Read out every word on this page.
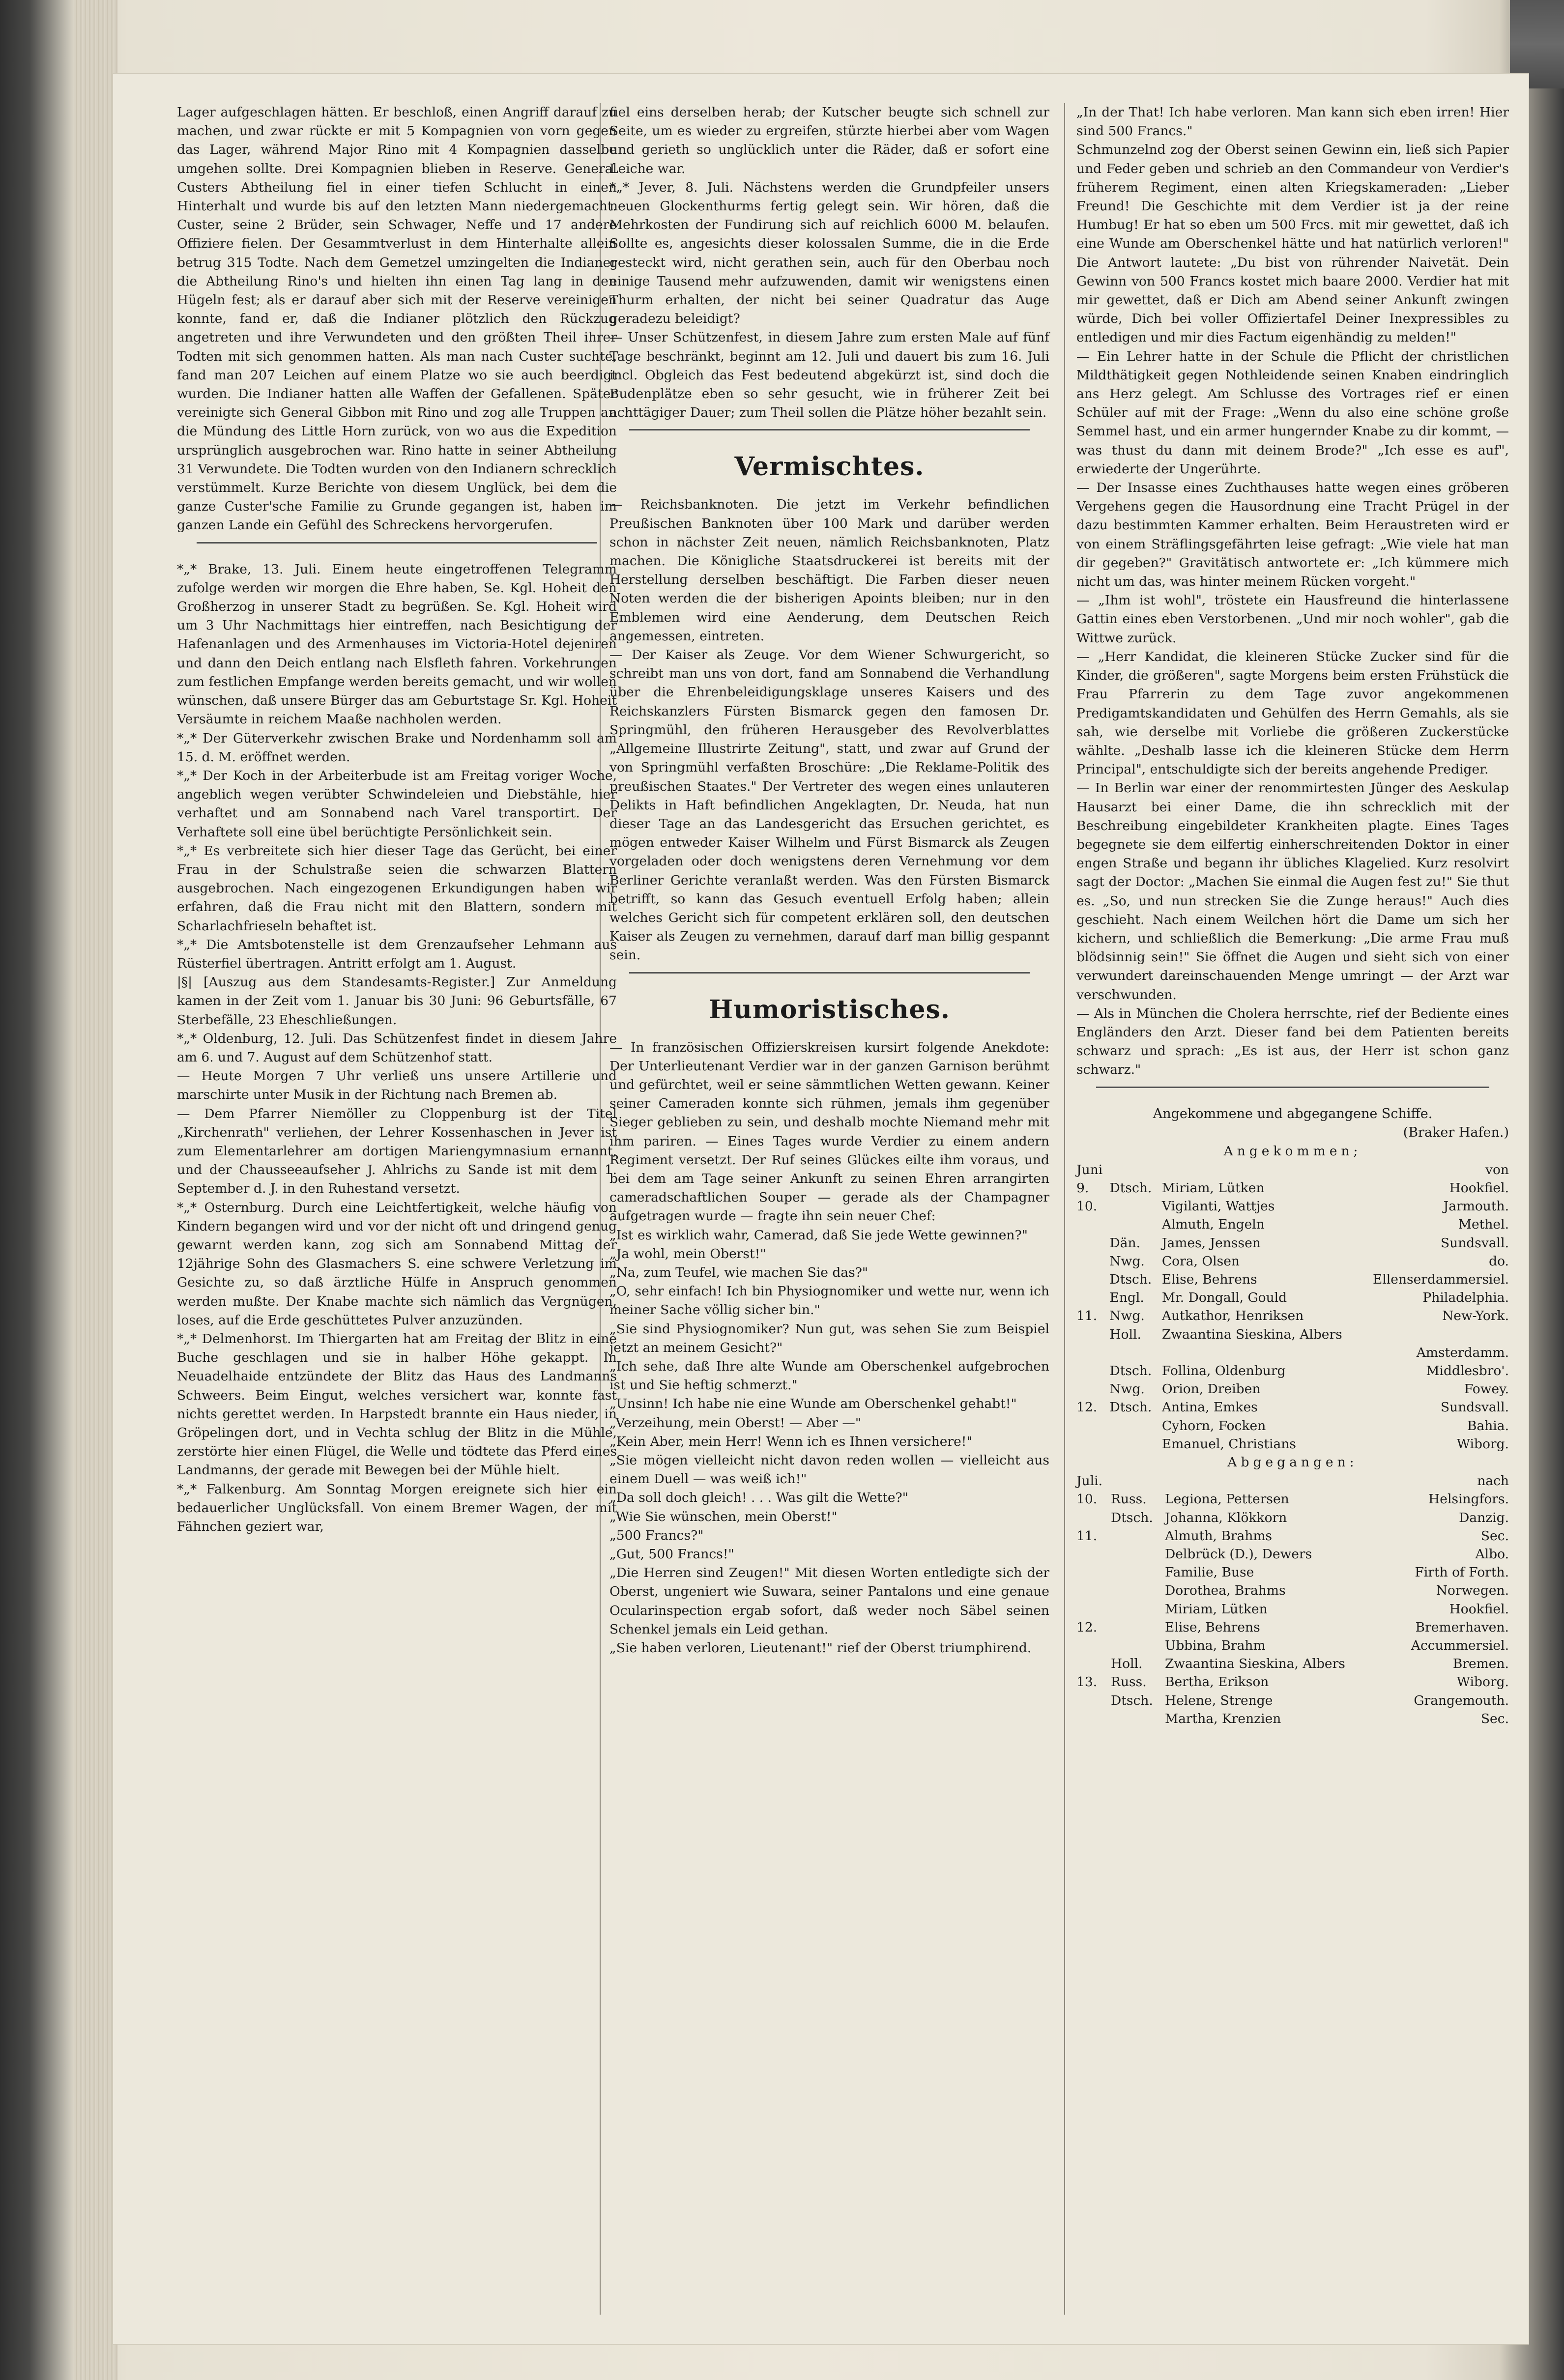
Lager aufgeschlagen hätten. Er beschloß, einen Angriff darauf zu machen, und zwar rückte er mit 5 Kompagnien von vorn gegen das Lager, während Major Rino mit 4 Kompagnien dasselbe umgehen sollte. Drei Kompagnien blieben in Reserve. General Custers Abtheilung fiel in einer tiefen Schlucht in einen Hinterhalt und wurde bis auf den letzten Mann niedergemacht. Custer, seine 2 Brüder, sein Schwager, Neffe und 17 andere Offiziere fielen. Der Gesammtverlust in dem Hinterhalte allein betrug 315 Todte. Nach dem Gemetzel umzingelten die Indianer die Abtheilung Rino's und hielten ihn einen Tag lang in den Hügeln fest; als er darauf aber sich mit der Reserve vereinigen konnte, fand er, daß die Indianer plötzlich den Rückzug angetreten und ihre Verwundeten und den größten Theil ihrer Todten mit sich genommen hatten. Als man nach Custer suchte, fand man 207 Leichen auf einem Platze wo sie auch beerdigt wurden. Die Indianer hatten alle Waffen der Gefallenen. Später vereinigte sich General Gibbon mit Rino und zog alle Truppen an die Mündung des Little Horn zurück, von wo aus die Expedition ursprünglich ausgebrochen war. Rino hatte in seiner Abtheilung 31 Verwundete. Die Todten wurden von den Indianern schrecklich verstümmelt. Kurze Berichte von diesem Unglück, bei dem die ganze Custer'sche Familie zu Grunde gegangen ist, haben im ganzen Lande ein Gefühl des Schreckens hervorgerufen.

*„* Brake, 13. Juli. Einem heute eingetroffenen Telegramm zufolge werden wir morgen die Ehre haben, Se. Kgl. Hoheit den Großherzog in unserer Stadt zu begrüßen. Se. Kgl. Hoheit wird um 3 Uhr Nachmittags hier eintreffen, nach Besichtigung der Hafenanlagen und des Armenhauses im Victoria-Hotel dejeniren und dann den Deich entlang nach Elsfleth fahren. Vorkehrungen zum festlichen Empfange werden bereits gemacht, und wir wollen wünschen, daß unsere Bürger das am Geburtstage Sr. Kgl. Hoheit Versäumte in reichem Maaße nachholen werden.

*„* Der Güterverkehr zwischen Brake und Nordenhamm soll am 15. d. M. eröffnet werden.

*„* Der Koch in der Arbeiterbude ist am Freitag voriger Woche, angeblich wegen verübter Schwindeleien und Diebstähle, hier verhaftet und am Sonnabend nach Varel transportirt. Der Verhaftete soll eine übel berüchtigte Persönlichkeit sein.

*„* Es verbreitete sich hier dieser Tage das Gerücht, bei einer Frau in der Schulstraße seien die schwarzen Blattern ausgebrochen. Nach eingezogenen Erkundigungen haben wir erfahren, daß die Frau nicht mit den Blattern, sondern mit Scharlachfrieseln behaftet ist.

*„* Die Amtsbotenstelle ist dem Grenzaufseher Lehmann aus Rüsterfiel übertragen. Antritt erfolgt am 1. August.

|§| [Auszug aus dem Standesamts-Register.] Zur Anmeldung kamen in der Zeit vom 1. Januar bis 30 Juni: 96 Geburtsfälle, 67 Sterbefälle, 23 Eheschließungen.

*„* Oldenburg, 12. Juli. Das Schützenfest findet in diesem Jahre am 6. und 7. August auf dem Schützenhof statt.

— Heute Morgen 7 Uhr verließ uns unsere Artillerie und marschirte unter Musik in der Richtung nach Bremen ab.

— Dem Pfarrer Niemöller zu Cloppenburg ist der Titel „Kirchenrath" verliehen, der Lehrer Kossenhaschen in Jever ist zum Elementarlehrer am dortigen Mariengymnasium ernannt, und der Chausseeaufseher J. Ahlrichs zu Sande ist mit dem 1. September d. J. in den Ruhestand versetzt.

*„* Osternburg. Durch eine Leichtfertigkeit, welche häufig von Kindern begangen wird und vor der nicht oft und dringend genug gewarnt werden kann, zog sich am Sonnabend Mittag der 12jährige Sohn des Glasmachers S. eine schwere Verletzung im Gesichte zu, so daß ärztliche Hülfe in Anspruch genommen werden mußte. Der Knabe machte sich nämlich das Vergnügen, loses, auf die Erde geschüttetes Pulver anzuzünden.

*„* Delmenhorst. Im Thiergarten hat am Freitag der Blitz in eine Buche geschlagen und sie in halber Höhe gekappt. In Neuadelhaide entzündete der Blitz das Haus des Landmanns Schweers. Beim Eingut, welches versichert war, konnte fast nichts gerettet werden. In Harpstedt brannte ein Haus nieder, in Gröpelingen dort, und in Vechta schlug der Blitz in die Mühle, zerstörte hier einen Flügel, die Welle und tödtete das Pferd eines Landmanns, der gerade mit Bewegen bei der Mühle hielt.

*„* Falkenburg. Am Sonntag Morgen ereignete sich hier ein bedauerlicher Unglücksfall. Von einem Bremer Wagen, der mit Fähnchen geziert war,

fiel eins derselben herab; der Kutscher beugte sich schnell zur Seite, um es wieder zu ergreifen, stürzte hierbei aber vom Wagen und gerieth so unglücklich unter die Räder, daß er sofort eine Leiche war.

*„* Jever, 8. Juli. Nächstens werden die Grundpfeiler unsers neuen Glockenthurms fertig gelegt sein. Wir hören, daß die Mehrkosten der Fundirung sich auf reichlich 6000 M. belaufen. Sollte es, angesichts dieser kolossalen Summe, die in die Erde gesteckt wird, nicht gerathen sein, auch für den Oberbau noch einige Tausend mehr aufzuwenden, damit wir wenigstens einen Thurm erhalten, der nicht bei seiner Quadratur das Auge geradezu beleidigt?

— Unser Schützenfest, in diesem Jahre zum ersten Male auf fünf Tage beschränkt, beginnt am 12. Juli und dauert bis zum 16. Juli incl. Obgleich das Fest bedeutend abgekürzt ist, sind doch die Budenplätze eben so sehr gesucht, wie in früherer Zeit bei achttägiger Dauer; zum Theil sollen die Plätze höher bezahlt sein.

Vermischtes.

— Reichsbanknoten. Die jetzt im Verkehr befindlichen Preußischen Banknoten über 100 Mark und darüber werden schon in nächster Zeit neuen, nämlich Reichsbanknoten, Platz machen. Die Königliche Staatsdruckerei ist bereits mit der Herstellung derselben beschäftigt. Die Farben dieser neuen Noten werden die der bisherigen Apoints bleiben; nur in den Emblemen wird eine Aenderung, dem Deutschen Reich angemessen, eintreten.

— Der Kaiser als Zeuge. Vor dem Wiener Schwurgericht, so schreibt man uns von dort, fand am Sonnabend die Verhandlung über die Ehrenbeleidigungsklage unseres Kaisers und des Reichskanzlers Fürsten Bismarck gegen den famosen Dr. Springmühl, den früheren Herausgeber des Revolverblattes „Allgemeine Illustrirte Zeitung", statt, und zwar auf Grund der von Springmühl verfaßten Broschüre: „Die Reklame-Politik des preußischen Staates." Der Vertreter des wegen eines unlauteren Delikts in Haft befindlichen Angeklagten, Dr. Neuda, hat nun dieser Tage an das Landesgericht das Ersuchen gerichtet, es mögen entweder Kaiser Wilhelm und Fürst Bismarck als Zeugen vorgeladen oder doch wenigstens deren Vernehmung vor dem Berliner Gerichte veranlaßt werden. Was den Fürsten Bismarck betrifft, so kann das Gesuch eventuell Erfolg haben; allein welches Gericht sich für competent erklären soll, den deutschen Kaiser als Zeugen zu vernehmen, darauf darf man billig gespannt sein.

Humoristisches.

— In französischen Offizierskreisen kursirt folgende Anekdote: Der Unterlieutenant Verdier war in der ganzen Garnison berühmt und gefürchtet, weil er seine sämmtlichen Wetten gewann. Keiner seiner Cameraden konnte sich rühmen, jemals ihm gegenüber Sieger geblieben zu sein, und deshalb mochte Niemand mehr mit ihm pariren. — Eines Tages wurde Verdier zu einem andern Regiment versetzt. Der Ruf seines Glückes eilte ihm voraus, und bei dem am Tage seiner Ankunft zu seinen Ehren arrangirten cameradschaftlichen Souper — gerade als der Champagner aufgetragen wurde — fragte ihn sein neuer Chef:

„Ist es wirklich wahr, Camerad, daß Sie jede Wette gewinnen?"

„Ja wohl, mein Oberst!"

„Na, zum Teufel, wie machen Sie das?"

„O, sehr einfach! Ich bin Physiognomiker und wette nur, wenn ich meiner Sache völlig sicher bin."

„Sie sind Physiognomiker? Nun gut, was sehen Sie zum Beispiel jetzt an meinem Gesicht?"

„Ich sehe, daß Ihre alte Wunde am Oberschenkel aufgebrochen ist und Sie heftig schmerzt."

„Unsinn! Ich habe nie eine Wunde am Oberschenkel gehabt!"

„Verzeihung, mein Oberst! — Aber —"

„Kein Aber, mein Herr! Wenn ich es Ihnen versichere!"

„Sie mögen vielleicht nicht davon reden wollen — vielleicht aus einem Duell — was weiß ich!"

„Da soll doch gleich! . . . Was gilt die Wette?"

„Wie Sie wünschen, mein Oberst!"

„500 Francs?"

„Gut, 500 Francs!"

„Die Herren sind Zeugen!" Mit diesen Worten entledigte sich der Oberst, ungeniert wie Suwara, seiner Pantalons und eine genaue Ocularinspection ergab sofort, daß weder noch Säbel seinen Schenkel jemals ein Leid gethan.

„Sie haben verloren, Lieutenant!" rief der Oberst triumphirend.

„In der That! Ich habe verloren. Man kann sich eben irren! Hier sind 500 Francs."

Schmunzelnd zog der Oberst seinen Gewinn ein, ließ sich Papier und Feder geben und schrieb an den Commandeur von Verdier's früherem Regiment, einen alten Kriegskameraden: „Lieber Freund! Die Geschichte mit dem Verdier ist ja der reine Humbug! Er hat so eben um 500 Frcs. mit mir gewettet, daß ich eine Wunde am Oberschenkel hätte und hat natürlich verloren!" Die Antwort lautete: „Du bist von rührender Naivetät. Dein Gewinn von 500 Francs kostet mich baare 2000. Verdier hat mit mir gewettet, daß er Dich am Abend seiner Ankunft zwingen würde, Dich bei voller Offiziertafel Deiner Inexpressibles zu entledigen und mir dies Factum eigenhändig zu melden!"

— Ein Lehrer hatte in der Schule die Pflicht der christlichen Mildthätigkeit gegen Nothleidende seinen Knaben eindringlich ans Herz gelegt. Am Schlusse des Vortrages rief er einen Schüler auf mit der Frage: „Wenn du also eine schöne große Semmel hast, und ein armer hungernder Knabe zu dir kommt, — was thust du dann mit deinem Brode?" „Ich esse es auf", erwiederte der Ungerührte.

— Der Insasse eines Zuchthauses hatte wegen eines gröberen Vergehens gegen die Hausordnung eine Tracht Prügel in der dazu bestimmten Kammer erhalten. Beim Heraustreten wird er von einem Sträflingsgefährten leise gefragt: „Wie viele hat man dir gegeben?" Gravitätisch antwortete er: „Ich kümmere mich nicht um das, was hinter meinem Rücken vorgeht."

— „Ihm ist wohl", tröstete ein Hausfreund die hinterlassene Gattin eines eben Verstorbenen. „Und mir noch wohler", gab die Wittwe zurück.

— „Herr Kandidat, die kleineren Stücke Zucker sind für die Kinder, die größeren", sagte Morgens beim ersten Frühstück die Frau Pfarrerin zu dem Tage zuvor angekommenen Predigamtskandidaten und Gehülfen des Herrn Gemahls, als sie sah, wie derselbe mit Vorliebe die größeren Zuckerstücke wählte. „Deshalb lasse ich die kleineren Stücke dem Herrn Principal", entschuldigte sich der bereits angehende Prediger.

— In Berlin war einer der renommirtesten Jünger des Aeskulap Hausarzt bei einer Dame, die ihn schrecklich mit der Beschreibung eingebildeter Krankheiten plagte. Eines Tages begegnete sie dem eilfertig einherschreitenden Doktor in einer engen Straße und begann ihr übliches Klagelied. Kurz resolvirt sagt der Doctor: „Machen Sie einmal die Augen fest zu!" Sie thut es. „So, und nun strecken Sie die Zunge heraus!" Auch dies geschieht. Nach einem Weilchen hört die Dame um sich her kichern, und schließlich die Bemerkung: „Die arme Frau muß blödsinnig sein!" Sie öffnet die Augen und sieht sich von einer verwundert dareinschauenden Menge umringt — der Arzt war verschwunden.

— Als in München die Cholera herrschte, rief der Bediente eines Engländers den Arzt. Dieser fand bei dem Patienten bereits schwarz und sprach: „Es ist aus, der Herr ist schon ganz schwarz."

Angekommene und abgegangene Schiffe.
(Braker Hafen.)
Angekommen;
Juni			von
9.	Dtsch.	Miriam, Lütken	Hookfiel.
10.		Vigilanti, Wattjes	Jarmouth.
		Almuth, Engeln	Methel.
	Dän.	James, Jenssen	Sundsvall.
	Nwg.	Cora, Olsen	do.
	Dtsch.	Elise, Behrens	Ellenserdammersiel.
	Engl.	Mr. Dongall, Gould	Philadelphia.
11.	Nwg.	Autkathor, Henriksen	New-York.
	Holl.	Zwaantina Sieskina, Albers	
			Amsterdamm.
	Dtsch.	Follina, Oldenburg	Middlesbro'.
	Nwg.	Orion, Dreiben	Fowey.
12.	Dtsch.	Antina, Emkes	Sundsvall.
		Cyhorn, Focken	Bahia.
		Emanuel, Christians	Wiborg.
Abgegangen:
Juli.			nach
10.	Russ.	Legiona, Pettersen	Helsingfors.
	Dtsch.	Johanna, Klökkorn	Danzig.
11.		Almuth, Brahms	Sec.
		Delbrück (D.), Dewers	Albo.
		Familie, Buse	Firth of Forth.
		Dorothea, Brahms	Norwegen.
		Miriam, Lütken	Hookfiel.
12.		Elise, Behrens	Bremerhaven.
		Ubbina, Brahm	Accummersiel.
	Holl.	Zwaantina Sieskina, Albers	Bremen.
13.	Russ.	Bertha, Erikson	Wiborg.
	Dtsch.	Helene, Strenge	Grangemouth.
		Martha, Krenzien	Sec.
